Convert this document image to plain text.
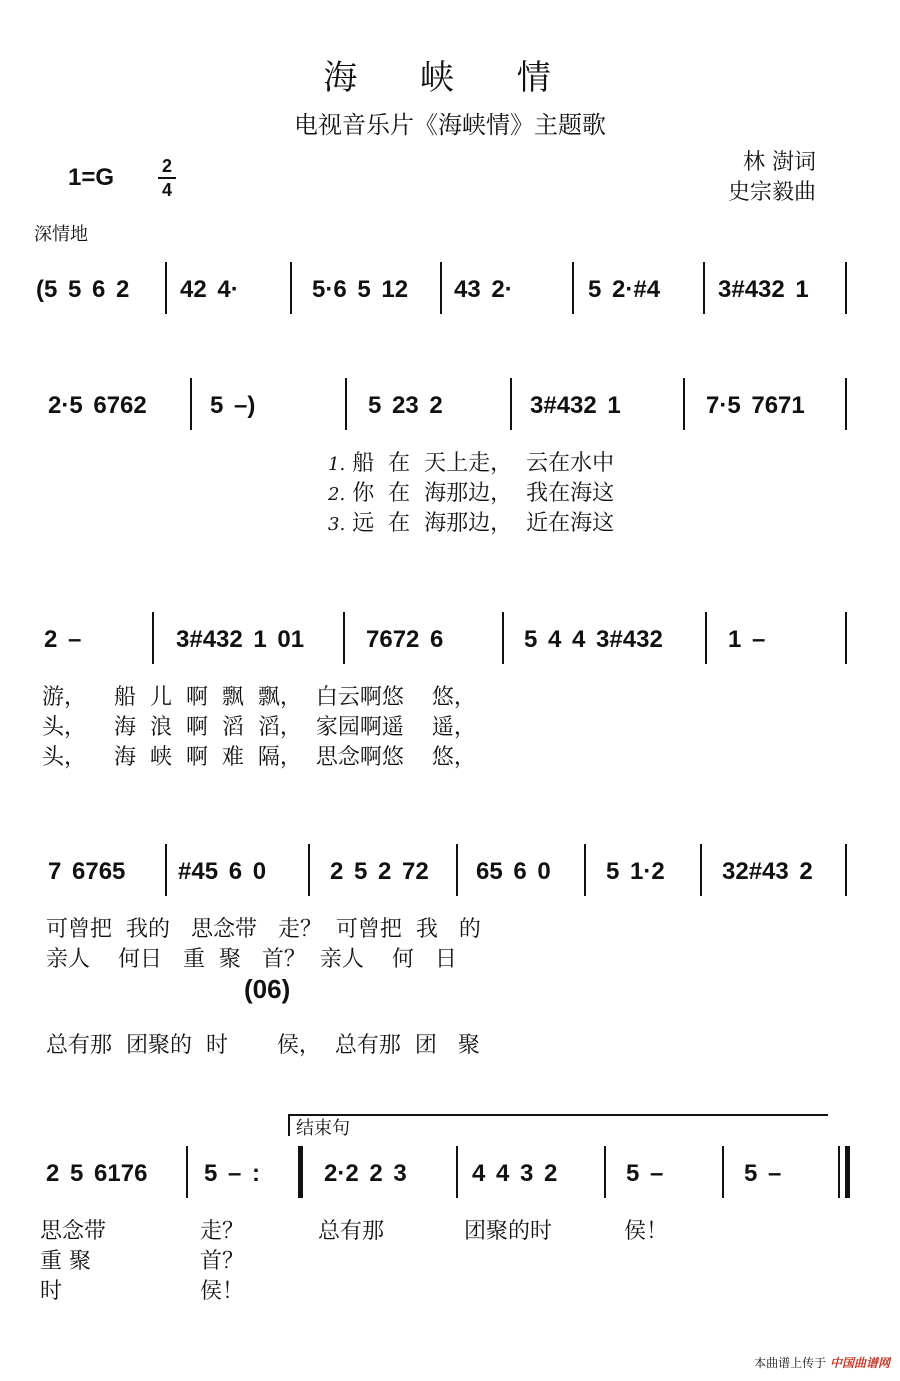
海 峡 情
电视音乐片《海峡情》主题歌
1=G	2
4
林 澍词
史宗毅曲
深情地
(5 5 6 2 42 4·	5·6 5 12 43 2·	5 2·#4 3#432 1
2·5 6762	5 –)	5 23 2	3#432 1	7·5 7671
1. 船  在  天上走，  云在水中
2. 你  在  海那边，  我在海这
3. 远  在  海那边，  近在海这
2 –	3#432 1 01	7672 6	5 4 4 3#432	1 –
游，    船  儿  啊  飘  飘，  白云啊悠    悠，
头，    海  浪  啊  滔  滔，  家园啊遥    遥，
头，    海  峡  啊  难  隔，  思念啊悠    悠，
7 6765 #45 6 0	2 5 2 72 65 6 0 5 1·2 32#43 2
可曾把  我的   思念带   走？  可曾把  我   的
亲人    何日   重  聚   首？  亲人    何   日
(06)
总有那  团聚的  时       侯，  总有那  团   聚
结束句
2 5 6176 5 – :	2·2 2 3	4 4 3 2	5 –	5 –
思念带	走？	总有那	团聚的时	侯！
重 聚	首？
时	侯！
本曲谱上传于 中国曲谱网
